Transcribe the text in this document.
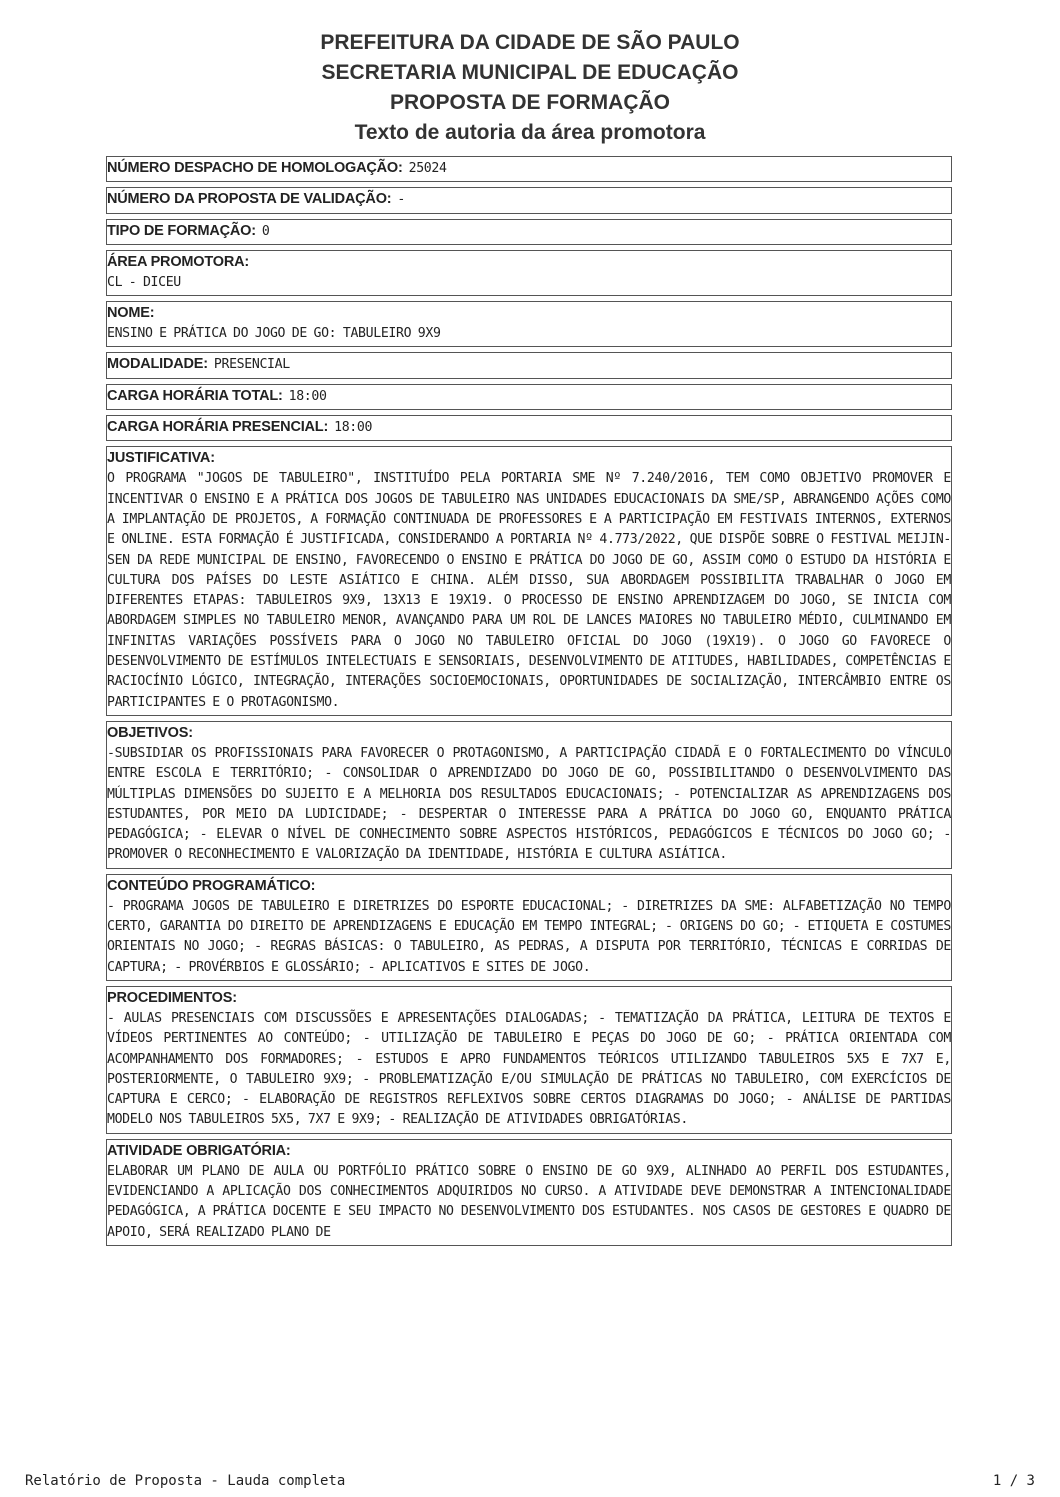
PREFEITURA DA CIDADE DE SÃO PAULO
SECRETARIA MUNICIPAL DE EDUCAÇÃO
PROPOSTA DE FORMAÇÃO
Texto de autoria da área promotora
NÚMERO DESPACHO DE HOMOLOGAÇÃO: 25024
NÚMERO DA PROPOSTA DE VALIDAÇÃO: -
TIPO DE FORMAÇÃO: 0
ÁREA PROMOTORA:
CL - DICEU
NOME:
ENSINO E PRÁTICA DO JOGO DE GO: TABULEIRO 9X9
MODALIDADE: PRESENCIAL
CARGA HORÁRIA TOTAL: 18:00
CARGA HORÁRIA PRESENCIAL: 18:00
JUSTIFICATIVA:
O PROGRAMA "JOGOS DE TABULEIRO", INSTITUÍDO PELA PORTARIA SME Nº 7.240/2016, TEM COMO OBJETIVO PROMOVER E INCENTIVAR O ENSINO E A PRÁTICA DOS JOGOS DE TABULEIRO NAS UNIDADES EDUCACIONAIS DA SME/SP, ABRANGENDO AÇÕES COMO A IMPLANTAÇÃO DE PROJETOS, A FORMAÇÃO CONTINUADA DE PROFESSORES E A PARTICIPAÇÃO EM FESTIVAIS INTERNOS, EXTERNOS E ONLINE. ESTA FORMAÇÃO É JUSTIFICADA, CONSIDERANDO A PORTARIA Nº 4.773/2022, QUE DISPÕE SOBRE O FESTIVAL MEIJIN-SEN DA REDE MUNICIPAL DE ENSINO, FAVORECENDO O ENSINO E PRÁTICA DO JOGO DE GO, ASSIM COMO O ESTUDO DA HISTÓRIA E CULTURA DOS PAÍSES DO LESTE ASIÁTICO E CHINA. ALÉM DISSO, SUA ABORDAGEM POSSIBILITA TRABALHAR O JOGO EM DIFERENTES ETAPAS: TABULEIROS 9X9, 13X13 E 19X19. O PROCESSO DE ENSINO APRENDIZAGEM DO JOGO, SE INICIA COM ABORDAGEM SIMPLES NO TABULEIRO MENOR, AVANÇANDO PARA UM ROL DE LANCES MAIORES NO TABULEIRO MÉDIO, CULMINANDO EM INFINITAS VARIAÇÕES POSSÍVEIS PARA O JOGO NO TABULEIRO OFICIAL DO JOGO (19X19). O JOGO GO FAVORECE O DESENVOLVIMENTO DE ESTÍMULOS INTELECTUAIS E SENSORIAIS, DESENVOLVIMENTO DE ATITUDES, HABILIDADES, COMPETÊNCIAS E RACIOCÍNIO LÓGICO, INTEGRAÇÃO, INTERAÇÕES SOCIOEMOCIONAIS, OPORTUNIDADES DE SOCIALIZAÇÃO, INTERCÂMBIO ENTRE OS PARTICIPANTES E O PROTAGONISMO.
OBJETIVOS:
-SUBSIDIAR OS PROFISSIONAIS PARA FAVORECER O PROTAGONISMO, A PARTICIPAÇÃO CIDADÃ E O FORTALECIMENTO DO VÍNCULO ENTRE ESCOLA E TERRITÓRIO; - CONSOLIDAR O APRENDIZADO DO JOGO DE GO, POSSIBILITANDO O DESENVOLVIMENTO DAS MÚLTIPLAS DIMENSÕES DO SUJEITO E A MELHORIA DOS RESULTADOS EDUCACIONAIS; - POTENCIALIZAR AS APRENDIZAGENS DOS ESTUDANTES, POR MEIO DA LUDICIDADE; - DESPERTAR O INTERESSE PARA A PRÁTICA DO JOGO GO, ENQUANTO PRÁTICA PEDAGÓGICA; - ELEVAR O NÍVEL DE CONHECIMENTO SOBRE ASPECTOS HISTÓRICOS, PEDAGÓGICOS E TÉCNICOS DO JOGO GO; - PROMOVER O RECONHECIMENTO E VALORIZAÇÃO DA IDENTIDADE, HISTÓRIA E CULTURA ASIÁTICA.
CONTEÚDO PROGRAMÁTICO:
- PROGRAMA JOGOS DE TABULEIRO E DIRETRIZES DO ESPORTE EDUCACIONAL; - DIRETRIZES DA SME: ALFABETIZAÇÃO NO TEMPO CERTO, GARANTIA DO DIREITO DE APRENDIZAGENS E EDUCAÇÃO EM TEMPO INTEGRAL; - ORIGENS DO GO; - ETIQUETA E COSTUMES ORIENTAIS NO JOGO; - REGRAS BÁSICAS: O TABULEIRO, AS PEDRAS, A DISPUTA POR TERRITÓRIO, TÉCNICAS E CORRIDAS DE CAPTURA; - PROVÉRBIOS E GLOSSÁRIO; - APLICATIVOS E SITES DE JOGO.
PROCEDIMENTOS:
- AULAS PRESENCIAIS COM DISCUSSÕES E APRESENTAÇÕES DIALOGADAS; - TEMATIZAÇÃO DA PRÁTICA, LEITURA DE TEXTOS E VÍDEOS PERTINENTES AO CONTEÚDO; - UTILIZAÇÃO DE TABULEIRO E PEÇAS DO JOGO DE GO; - PRÁTICA ORIENTADA COM ACOMPANHAMENTO DOS FORMADORES; - ESTUDOS E APRO FUNDAMENTOS TEÓRICOS UTILIZANDO TABULEIROS 5X5 E 7X7 E, POSTERIORMENTE, O TABULEIRO 9X9; - PROBLEMATIZAÇÃO E/OU SIMULAÇÃO DE PRÁTICAS NO TABULEIRO, COM EXERCÍCIOS DE CAPTURA E CERCO; - ELABORAÇÃO DE REGISTROS REFLEXIVOS SOBRE CERTOS DIAGRAMAS DO JOGO; - ANÁLISE DE PARTIDAS MODELO NOS TABULEIROS 5X5, 7X7 E 9X9; - REALIZAÇÃO DE ATIVIDADES OBRIGATÓRIAS.
ATIVIDADE OBRIGATÓRIA:
ELABORAR UM PLANO DE AULA OU PORTFÓLIO PRÁTICO SOBRE O ENSINO DE GO 9X9, ALINHADO AO PERFIL DOS ESTUDANTES, EVIDENCIANDO A APLICAÇÃO DOS CONHECIMENTOS ADQUIRIDOS NO CURSO. A ATIVIDADE DEVE DEMONSTRAR A INTENCIONALIDADE PEDAGÓGICA, A PRÁTICA DOCENTE E SEU IMPACTO NO DESENVOLVIMENTO DOS ESTUDANTES. NOS CASOS DE GESTORES E QUADRO DE APOIO, SERÁ REALIZADO PLANO DE
Relatório de Proposta - Lauda completa	1 / 3
